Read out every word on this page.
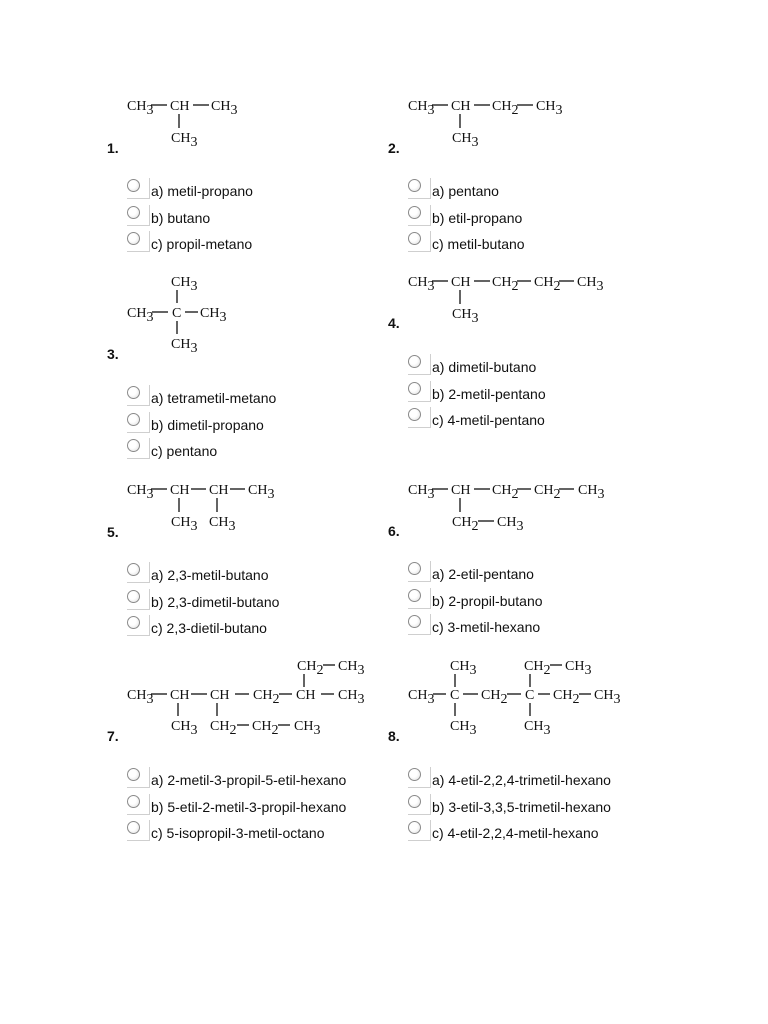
CH3 CH CH3
CH3
1.
a) metil-propano
b) butano
c) propil-metano
CH3 CH CH2 CH3
CH3
2.
a) pentano
b) etil-propano
c) metil-butano
CH3
CH3 C CH3
CH3
3.
a) tetrametil-metano
b) dimetil-propano
c) pentano
CH3 CH CH2 CH2 CH3
CH3
4.
a) dimetil-butano
b) 2-metil-pentano
c) 4-metil-pentano
CH3 CH CH CH3
CH3 CH3
5.
a) 2,3-metil-butano
b) 2,3-dimetil-butano
c) 2,3-dietil-butano
CH3 CH CH2 CH2 CH3
CH2 CH3
6.
a) 2-etil-pentano
b) 2-propil-butano
c) 3-metil-hexano
CH2 CH3
CH3 CH CH CH2 CH CH3
CH3 CH2 CH2 CH3
7.
a) 2-metil-3-propil-5-etil-hexano
b) 5-etil-2-metil-3-propil-hexano
c) 5-isopropil-3-metil-octano
CH3	CH2 CH3
CH3 C CH2 C CH2 CH3
CH3	CH3
8.
a) 4-etil-2,2,4-trimetil-hexano
b) 3-etil-3,3,5-trimetil-hexano
c) 4-etil-2,2,4-metil-hexano
